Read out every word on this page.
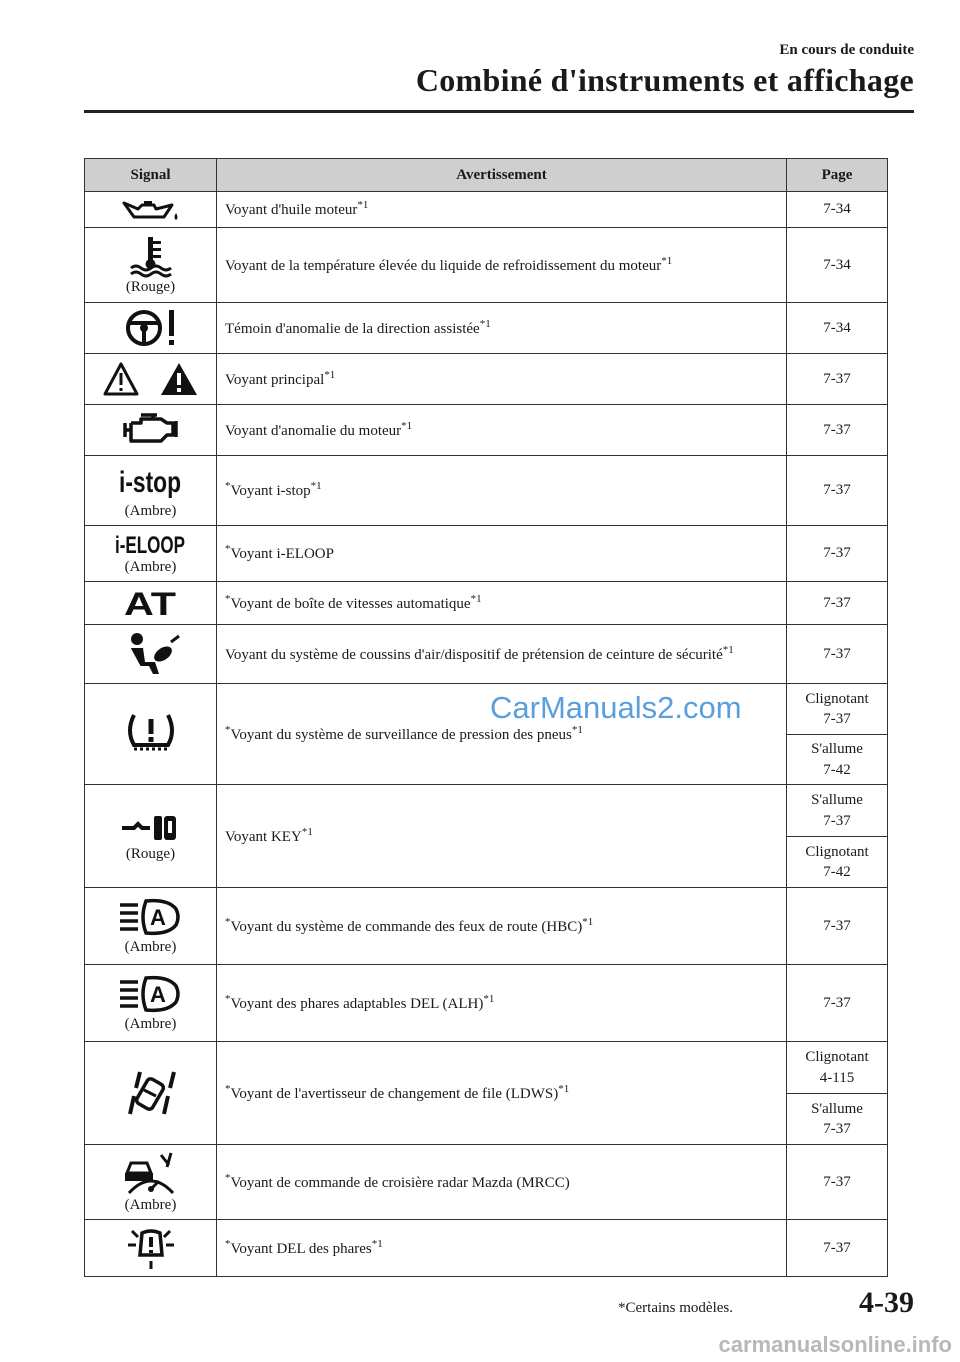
En cours de conduite
Combiné d'instruments et affichage
Signal	Avertissement	Page

	Voyant d'huile moteur$^{*1}$	7-34

(Rouge)	Voyant de la température élevée du liquide de refroidissement du moteur$^{*1}$	7-34

	Témoin d'anomalie de la direction assistée$^{*1}$	7-34

	Voyant principal$^{*1}$	7-37

	Voyant d'anomalie du moteur$^{*1}$	7-37

i-stop
(Ambre)	*Voyant i-stop$^{*1}$	7-37

i-ELOOP
(Ambre)	*Voyant i-ELOOP	7-37

AT	*Voyant de boîte de vitesses automatique$^{*1}$	7-37

	Voyant du système de coussins d'air/dispositif de prétension de ceinture de sécurité$^{*1}$	7-37

	*Voyant du système de surveillance de pression des pneus$^{*1}$	Clignotant
7-37
		S'allume
7-42

(Rouge)	Voyant KEY$^{*1}$	S'allume
7-37
		Clignotant
7-42

A
(Ambre)	*Voyant du système de commande des feux de route (HBC)$^{*1}$	7-37

A
(Ambre)	*Voyant des phares adaptables DEL (ALH)$^{*1}$	7-37

	*Voyant de l'avertisseur de changement de file (LDWS)$^{*1}$	Clignotant
4-115
		S'allume
7-37

(Ambre)	*Voyant de commande de croisière radar Mazda (MRCC)	7-37

	*Voyant DEL des phares$^{*1}$	7-37
CarManuals2.com
*Certains modèles.	4-39
carmanualsonline.info
